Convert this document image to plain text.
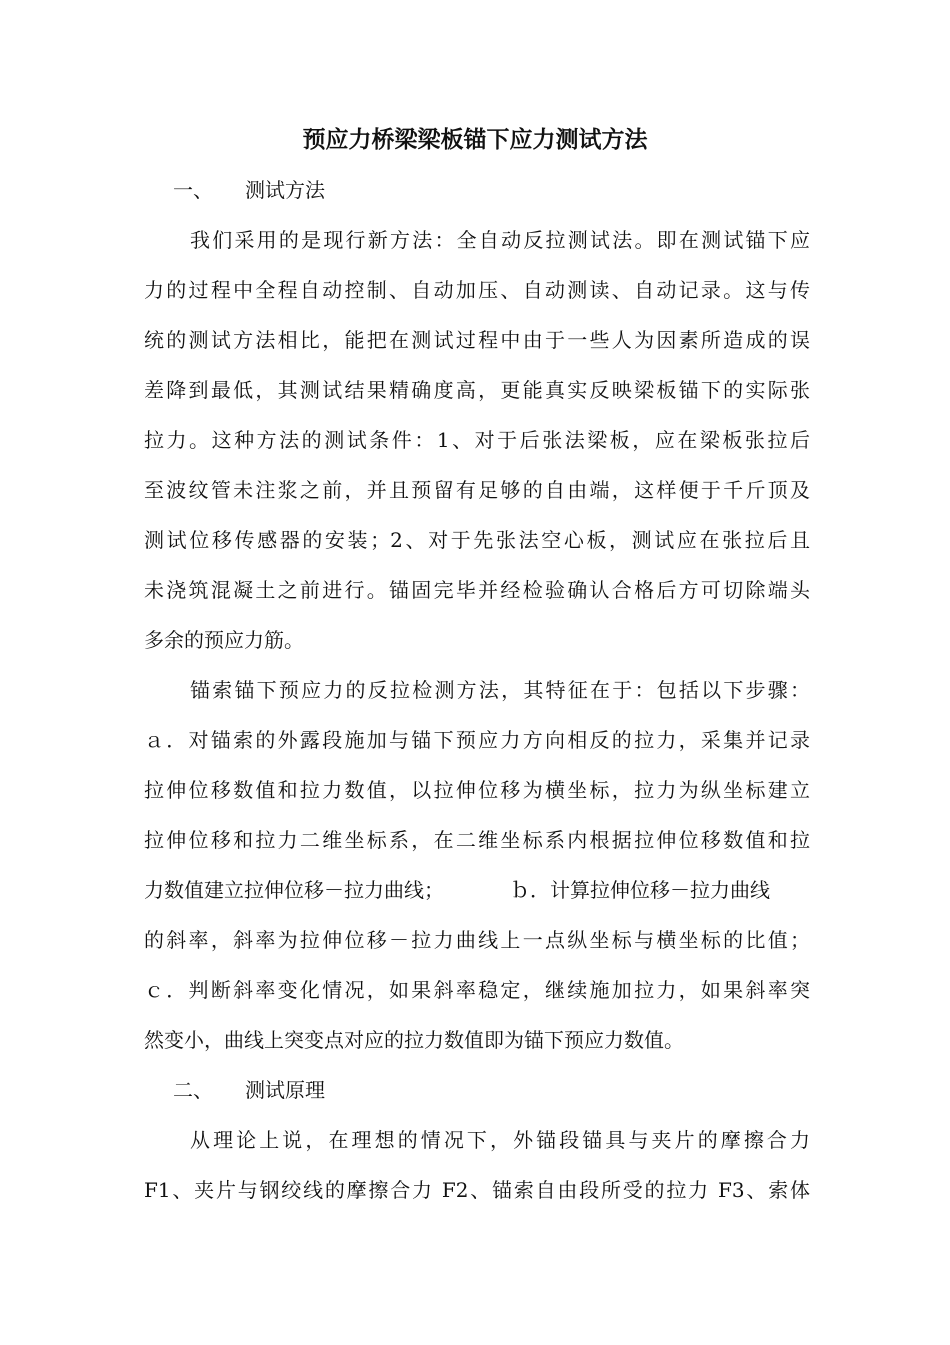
预应力桥梁梁板锚下应力测试方法
一、 测试方法
我们采用的是现行新方法：全自动反拉测试法。即在测试锚下应
力的过程中全程自动控制、自动加压、自动测读、自动记录。这与传
统的测试方法相比，能把在测试过程中由于一些人为因素所造成的误
差降到最低，其测试结果精确度高，更能真实反映梁板锚下的实际张
拉力。这种方法的测试条件：1、对于后张法梁板，应在梁板张拉后
至波纹管未注浆之前，并且预留有足够的自由端，这样便于千斤顶及
测试位移传感器的安装；2、对于先张法空心板，测试应在张拉后且
未浇筑混凝土之前进行。锚固完毕并经检验确认合格后方可切除端头
多余的预应力筋。
锚索锚下预应力的反拉检测方法，其特征在于：包括以下步骤：
ａ．对锚索的外露段施加与锚下预应力方向相反的拉力，采集并记录
拉伸位移数值和拉力数值，以拉伸位移为横坐标，拉力为纵坐标建立
拉伸位移和拉力二维坐标系，在二维坐标系内根据拉伸位移数值和拉
力数值建立拉伸位移－拉力曲线；	ｂ．计算拉伸位移－拉力曲线
的斜率，斜率为拉伸位移－拉力曲线上一点纵坐标与横坐标的比值；
ｃ．判断斜率变化情况，如果斜率稳定，继续施加拉力，如果斜率突
然变小，曲线上突变点对应的拉力数值即为锚下预应力数值。
二、 测试原理
从理论上说，在理想的情况下，外锚段锚具与夹片的摩擦合力
F1、夹片与钢绞线的摩擦合力 F2、锚索自由段所受的拉力 F3、索体
